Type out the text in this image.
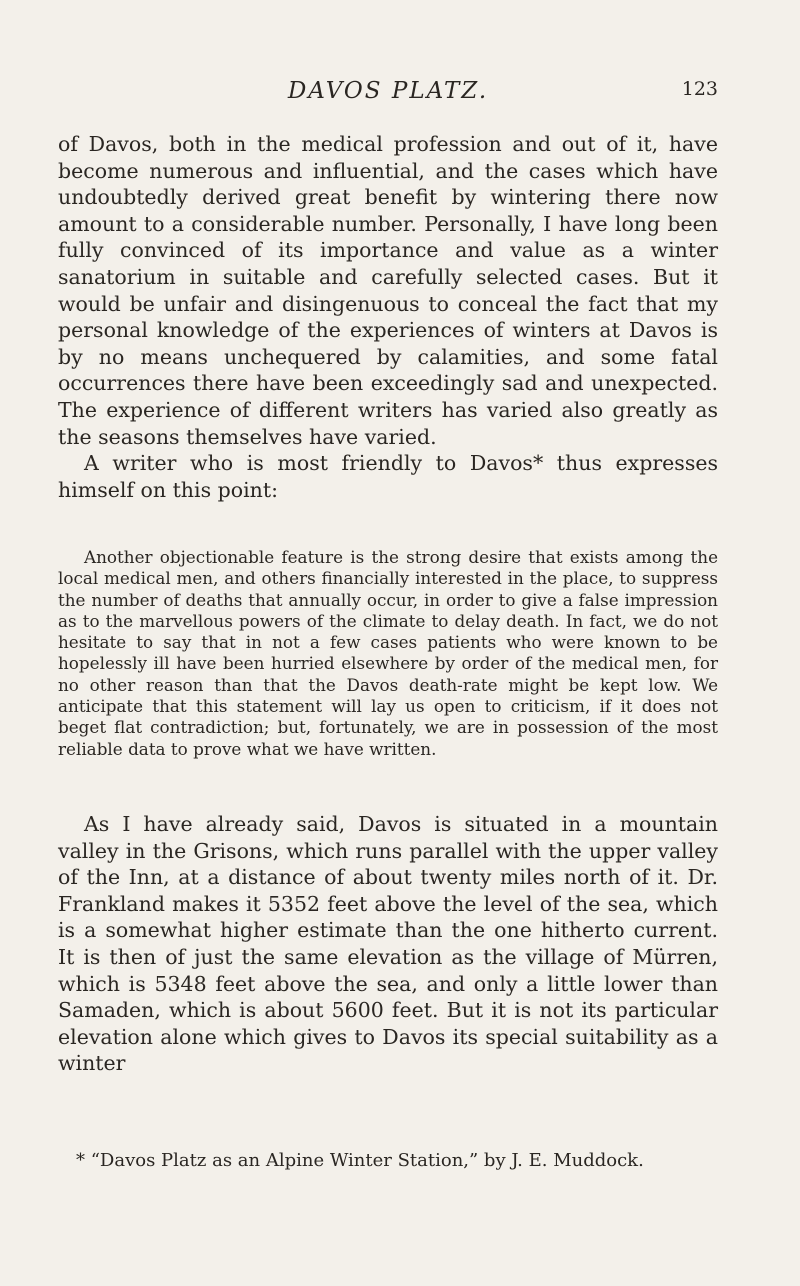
DAVOS PLATZ.	123

of Davos, both in the medical profession and out of it, have become numerous and influential, and the cases which have undoubtedly derived great benefit by wintering there now amount to a considerable number. Personally, I have long been fully convinced of its importance and value as a winter sanatorium in suitable and carefully selected cases. But it would be unfair and disingenuous to conceal the fact that my personal knowledge of the experiences of winters at Davos is by no means unchequered by calamities, and some fatal occurrences there have been exceedingly sad and unexpected. The experience of different writers has varied also greatly as the seasons themselves have varied.

A writer who is most friendly to Davos* thus expresses himself on this point:

Another objectionable feature is the strong desire that exists among the local medical men, and others financially interested in the place, to suppress the number of deaths that annually occur, in order to give a false impression as to the marvellous powers of the climate to delay death. In fact, we do not hesitate to say that in not a few cases patients who were known to be hopelessly ill have been hurried elsewhere by order of the medical men, for no other reason than that the Davos death-rate might be kept low. We anticipate that this statement will lay us open to criticism, if it does not beget flat contradiction; but, fortunately, we are in possession of the most reliable data to prove what we have written.

As I have already said, Davos is situated in a mountain valley in the Grisons, which runs parallel with the upper valley of the Inn, at a distance of about twenty miles north of it. Dr. Frankland makes it 5352 feet above the level of the sea, which is a somewhat higher estimate than the one hitherto current. It is then of just the same elevation as the village of Mürren, which is 5348 feet above the sea, and only a little lower than Samaden, which is about 5600 feet. But it is not its particular elevation alone which gives to Davos its special suitability as a winter

* “Davos Platz as an Alpine Winter Station,” by J. E. Muddock.
